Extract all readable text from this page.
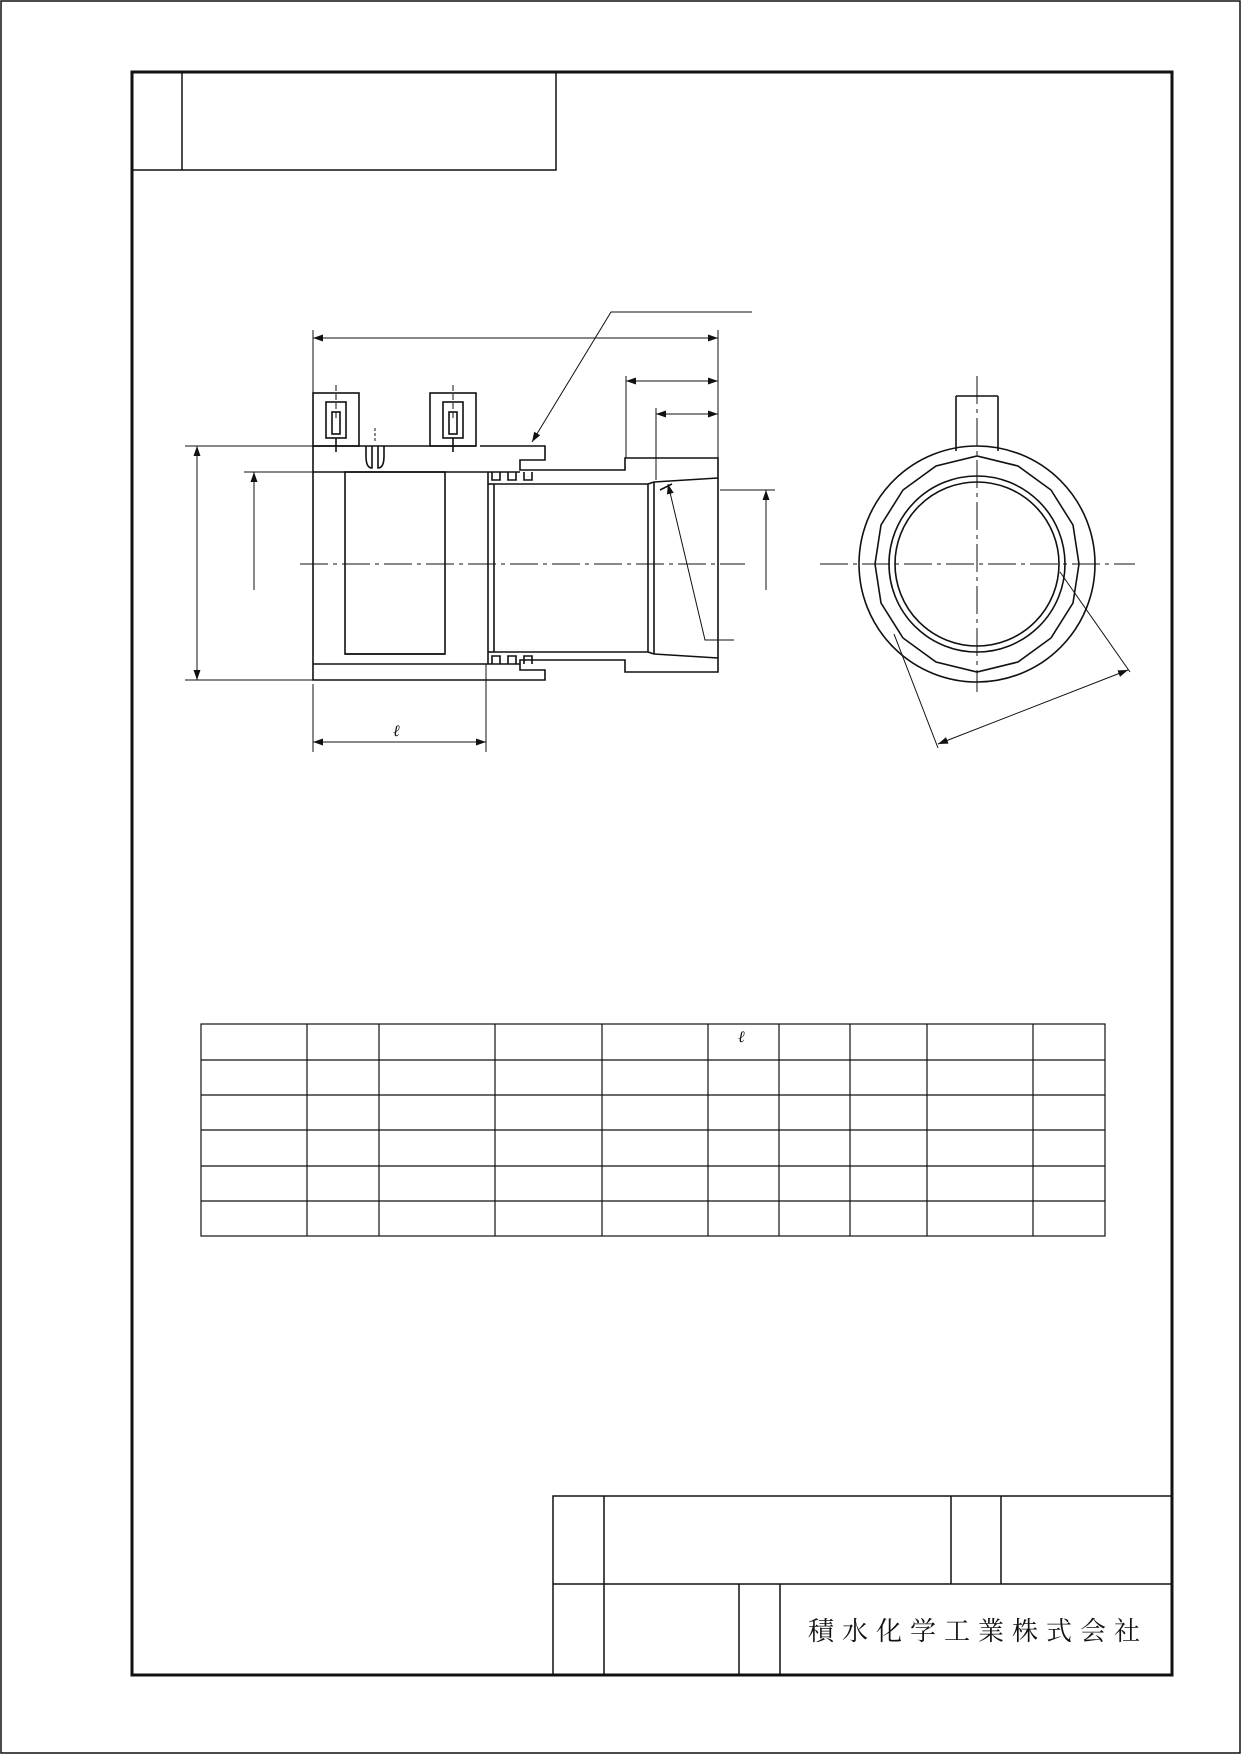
ℓ
ℓ
積水化学工業株式会社
